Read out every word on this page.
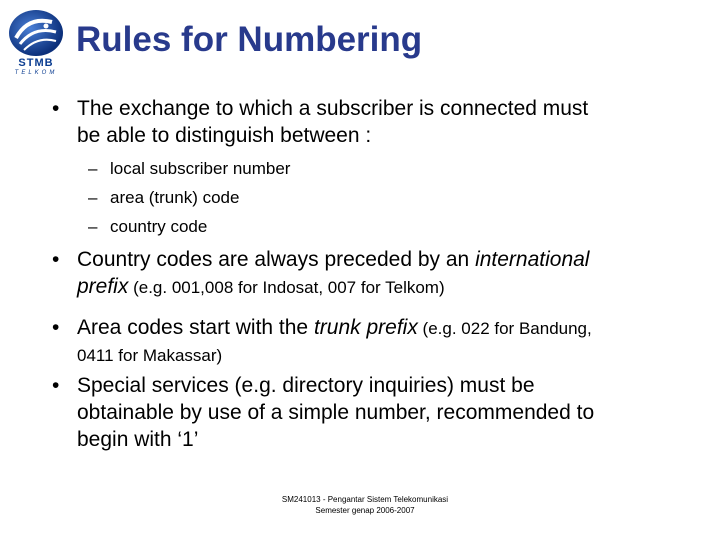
STMB
TELKOM
Rules for Numbering
• The exchange to which a subscriber is connected must
be able to distinguish between :
– local subscriber number
– area (trunk) code
– country code
• Country codes are always preceded by an international
prefix (e.g. 001,008 for Indosat, 007 for Telkom)
• Area codes start with the trunk prefix (e.g. 022 for Bandung,
0411 for Makassar)
• Special services (e.g. directory inquiries) must be
obtainable by use of a simple number, recommended to
begin with ‘1’
SM241013 - Pengantar Sistem Telekomunikasi
Semester genap 2006-2007
